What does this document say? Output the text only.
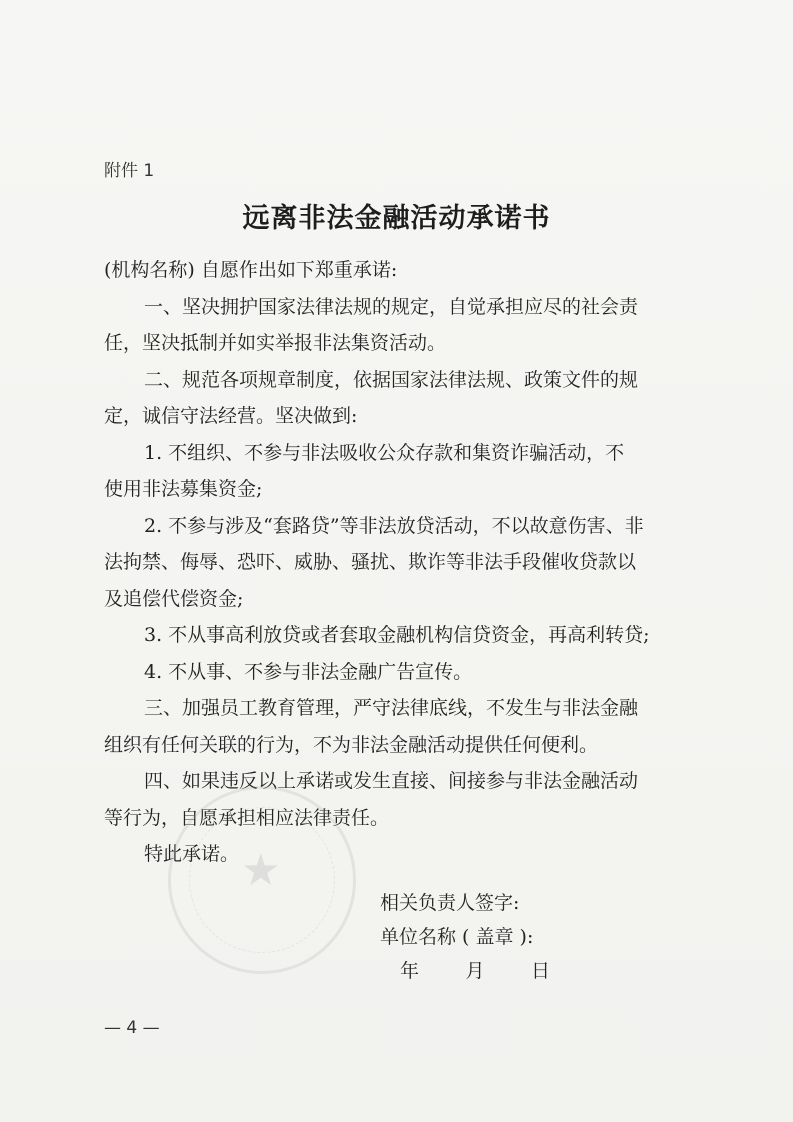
附件 1
远离非法金融活动承诺书
(机构名称) 自愿作出如下郑重承诺:
一、坚决拥护国家法律法规的规定，自觉承担应尽的社会责
任，坚决抵制并如实举报非法集资活动。
二、规范各项规章制度，依据国家法律法规、政策文件的规
定，诚信守法经营。坚决做到:
1. 不组织、不参与非法吸收公众存款和集资诈骗活动，不
使用非法募集资金;
2. 不参与涉及“套路贷”等非法放贷活动，不以故意伤害、非
法拘禁、侮辱、恐吓、威胁、骚扰、欺诈等非法手段催收贷款以
及追偿代偿资金;
3. 不从事高利放贷或者套取金融机构信贷资金，再高利转贷;
4. 不从事、不参与非法金融广告宣传。
三、加强员工教育管理，严守法律底线，不发生与非法金融
组织有任何关联的行为，不为非法金融活动提供任何便利。
四、如果违反以上承诺或发生直接、间接参与非法金融活动
等行为，自愿承担相应法律责任。
特此承诺。 ★
相关负责人签字:
单位名称 ( 盖章 ):
年 月 日
— 4 —
